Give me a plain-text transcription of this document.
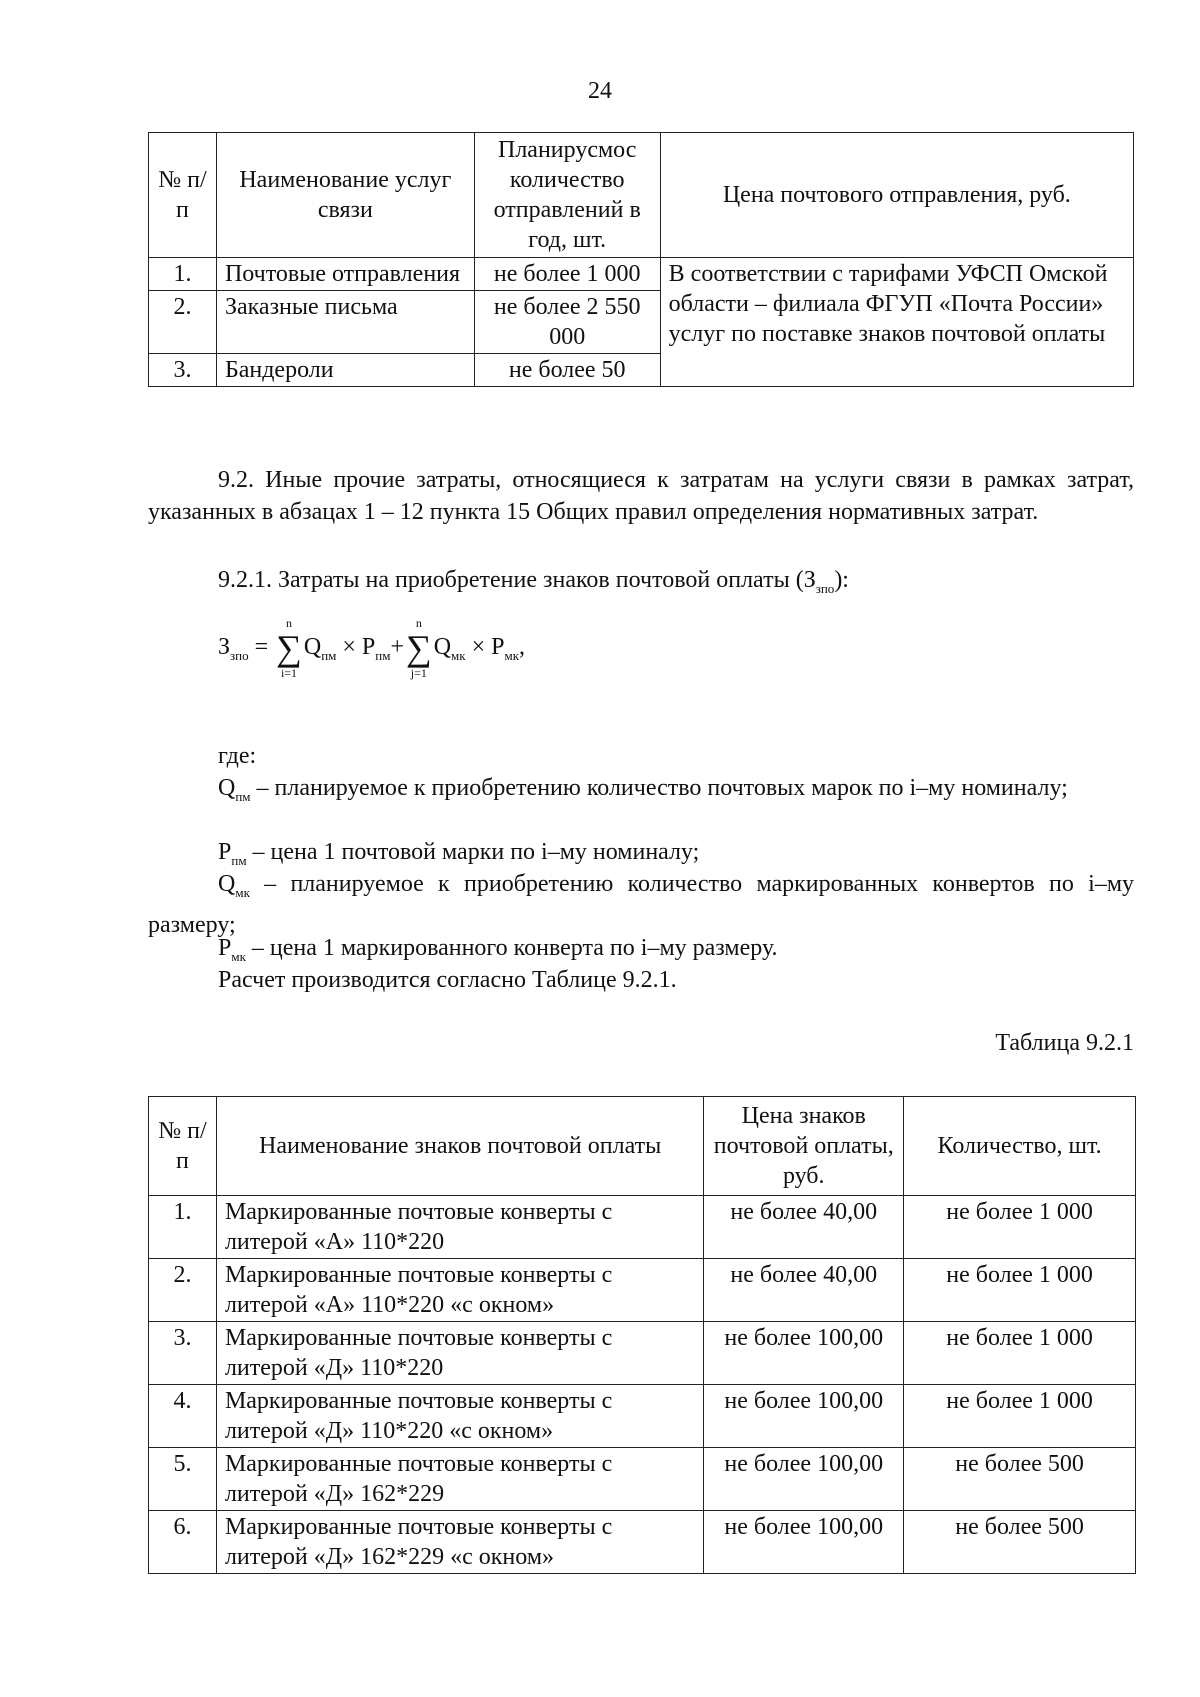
24
№ п/п	Наименование услуг связи	Планирусмос количество отправлений в год, шт.	Цена почтового отправления, руб.
1.	Почтовые отправления	не более 1 000	В соответствии с тарифами УФСП Омской области – филиала ФГУП «Почта России» услуг по поставке знаков почтовой оплаты
2.	Заказные письма	не более 2 550 000	
3.	Бандероли	не более 50	
9.2. Иные прочие затраты, относящиеся к затратам на услуги связи в рамках затрат, указанных в абзацах 1 – 12 пункта 15 Общих правил определения нормативных затрат.
9.2.1. Затраты на приобретение знаков почтовой оплаты $(З_{зпо})$:
$З_{зпо}$ = ∑
n
i=1
$Q_{пм} \times P_{пм}+\sum$
n
j=1
$Q_{мк} \times P_{мк}$,
где:
$Q_{пм}$ – планируемое к приобретению количество почтовых марок по i–му номиналу;
$P_{пм}$ – цена 1 почтовой марки по i–му номиналу;
$Q_{мк}$ – планируемое к приобретению количество маркированных конвертов по i–му размеру;
$P_{мк}$ – цена 1 маркированного конверта по i–му размеру.
Расчет производится согласно Таблице 9.2.1.
Таблица 9.2.1
№ п/п	Наименование знаков почтовой оплаты	Цена знаков почтовой оплаты, руб.	Количество, шт.
1.	Маркированные почтовые конверты с литерой «А» 110*220	не более 40,00	не более 1 000
2.	Маркированные почтовые конверты с литерой «А» 110*220 «с окном»	не более 40,00	не более 1 000
3.	Маркированные почтовые конверты с литерой «Д» 110*220	не более 100,00	не более 1 000
4.	Маркированные почтовые конверты с литерой «Д» 110*220 «с окном»	не более 100,00	не более 1 000
5.	Маркированные почтовые конверты с литерой «Д» 162*229	не более 100,00	не более 500
6.	Маркированные почтовые конверты с литерой «Д» 162*229 «с окном»	не более 100,00	не более 500
